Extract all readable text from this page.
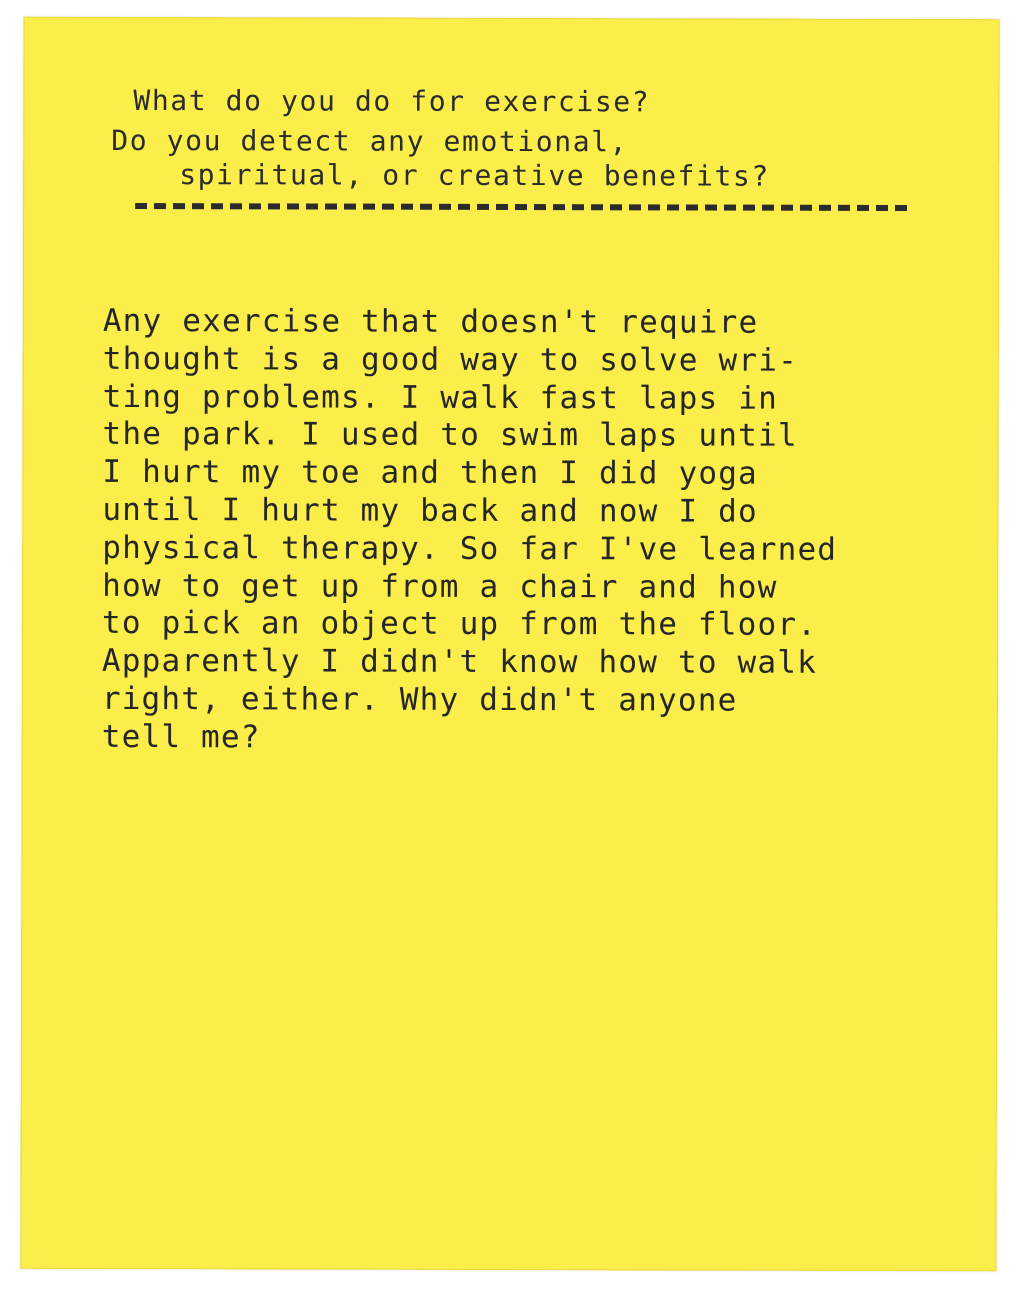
What do you do for exercise?
Do you detect any emotional,
spiritual, or creative benefits?
Any exercise that doesn't require
thought is a good way to solve wri-
ting problems. I walk fast laps in
the park. I used to swim laps until
I hurt my toe and then I did yoga
until I hurt my back and now I do
physical therapy. So far I've learned
how to get up from a chair and how
to pick an object up from the floor.
Apparently I didn't know how to walk
right, either. Why didn't anyone
tell me?
